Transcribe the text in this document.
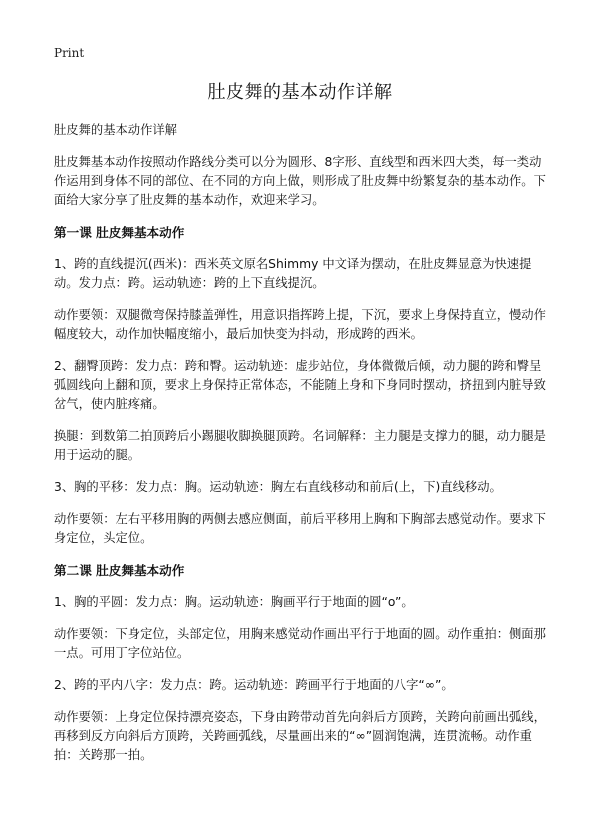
Print
肚皮舞的基本动作详解

肚皮舞的基本动作详解

肚皮舞基本动作按照动作路线分类可以分为圆形、8字形、直线型和西米四大类，每一类动作运用到身体不同的部位、在不同的方向上做，则形成了肚皮舞中纷繁复杂的基本动作。下面给大家分享了肚皮舞的基本动作，欢迎来学习。

第一课 肚皮舞基本动作

1、跨的直线提沉(西米)：西米英文原名Shimmy 中文译为摆动，在肚皮舞显意为快速提动。发力点：跨。运动轨迹：跨的上下直线提沉。

动作要领：双腿微弯保持膝盖弹性，用意识指挥跨上提，下沉，要求上身保持直立，慢动作幅度较大，动作加快幅度缩小，最后加快变为抖动，形成跨的西米。

2、翻臀顶跨：发力点：跨和臀。运动轨迹：虚步站位，身体微微后倾，动力腿的跨和臀呈弧圆线向上翻和顶，要求上身保持正常体态，不能随上身和下身同时摆动，挤扭到内脏导致岔气，使内脏疼痛。

换腿：到数第二拍顶跨后小踢腿收脚换腿顶跨。名词解释：主力腿是支撑力的腿，动力腿是用于运动的腿。

3、胸的平移：发力点：胸。运动轨迹：胸左右直线移动和前后(上，下)直线移动。

动作要领：左右平移用胸的两侧去感应侧面，前后平移用上胸和下胸部去感觉动作。要求下身定位，头定位。

第二课 肚皮舞基本动作

1、胸的平圆：发力点：胸。运动轨迹：胸画平行于地面的圆“o”。

动作要领：下身定位，头部定位，用胸来感觉动作画出平行于地面的圆。动作重拍：侧面那一点。可用丁字位站位。

2、跨的平内八字：发力点：跨。运动轨迹：跨画平行于地面的八字“∞”。

动作要领：上身定位保持漂亮姿态，下身由跨带动首先向斜后方顶跨，关跨向前画出弧线，再移到反方向斜后方顶跨，关跨画弧线，尽量画出来的“∞”圆润饱满，连贯流畅。动作重拍：关跨那一拍。
